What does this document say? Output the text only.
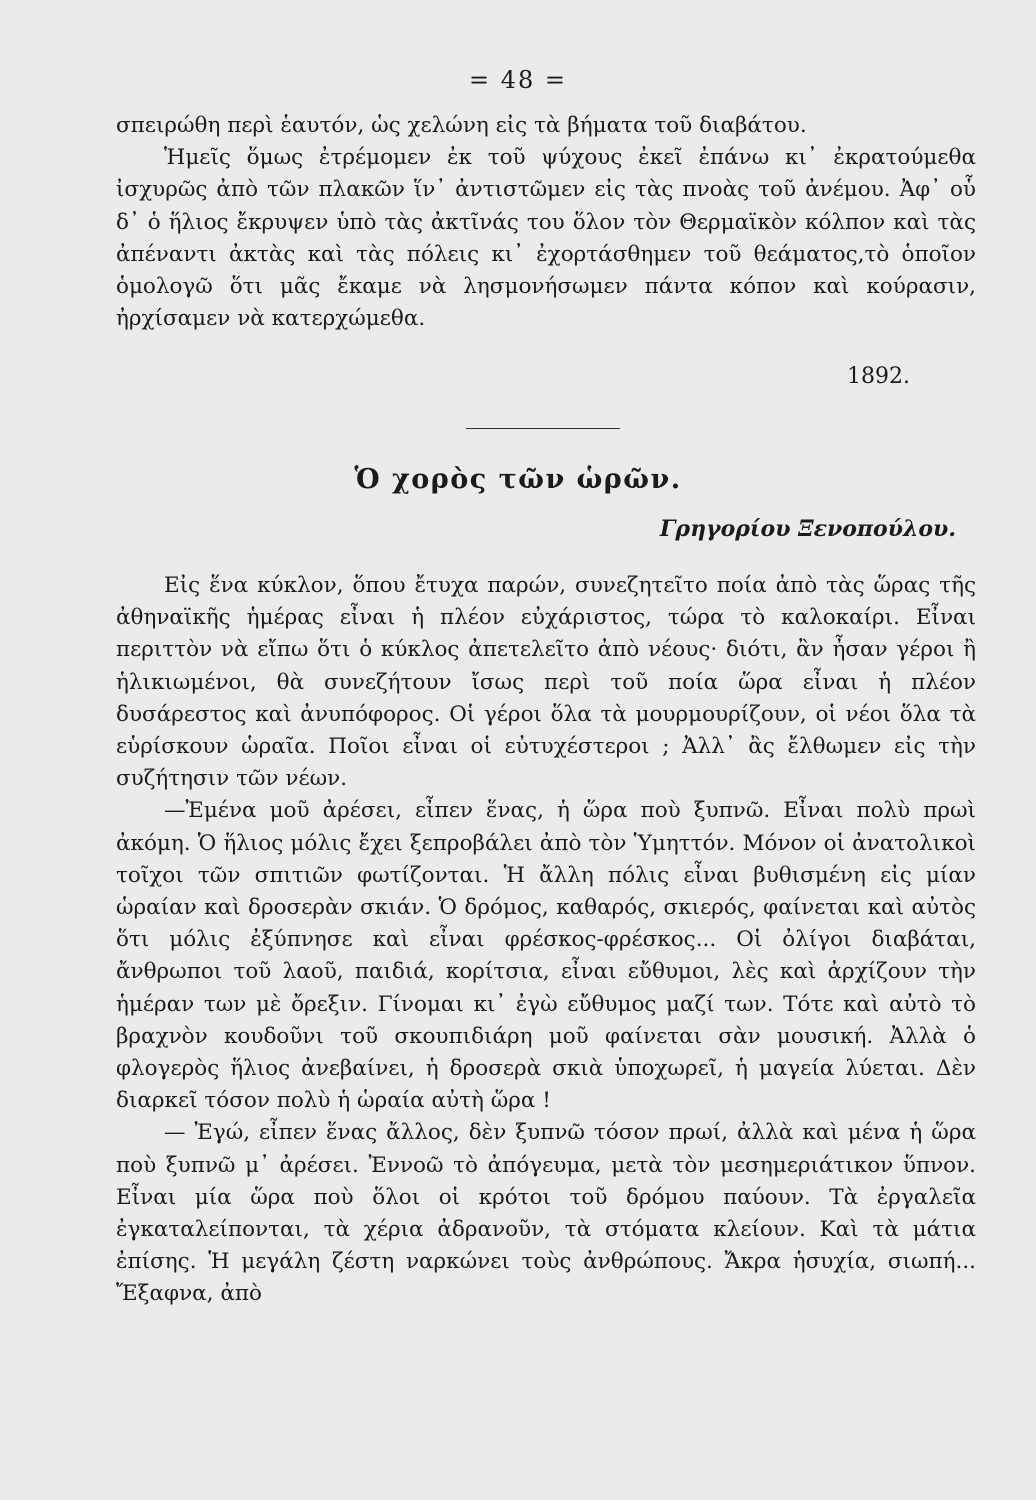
= 48 =

σπειρώθη περὶ ἑαυτόν, ὡς χελώνη εἰς τὰ βήματα τοῦ διαβάτου.

Ἡμεῖς ὅμως ἐτρέμομεν ἐκ τοῦ ψύχους ἐκεῖ ἐπάνω κι᾽ ἐκρατούμεθα ἰσχυρῶς ἀπὸ τῶν πλακῶν ἵν᾽ ἀντιστῶμεν εἰς τὰς πνοὰς τοῦ ἀνέμου. Ἀφ᾽ οὗ δ᾽ ὁ ἥλιος ἔκρυψεν ὑπὸ τὰς ἀκτῖνάς του ὅλον τὸν Θερμαϊκὸν κόλπον καὶ τὰς ἀπέναντι ἀκτὰς καὶ τὰς πόλεις κι᾽ ἐχορτάσθημεν τοῦ θεάματος,τὸ ὁποῖον ὁμολογῶ ὅτι μᾶς ἔκαμε νὰ λησμονήσωμεν πάντα κόπον καὶ κούρασιν, ἠρχίσαμεν νὰ κατερχώμεθα.

1892.
Ὁ χορὸς τῶν ὡρῶν.
Γρηγορίου Ξενοπούλου.

Εἰς ἕνα κύκλον, ὅπου ἔτυχα παρών, συνεζητεῖτο ποία ἀπὸ τὰς ὥρας τῆς ἀθηναϊκῆς ἡμέρας εἶναι ἡ πλέον εὐχάριστος, τώρα τὸ καλοκαίρι. Εἶναι περιττὸν νὰ εἴπω ὅτι ὁ κύκλος ἀπετελεῖτο ἀπὸ νέους· διότι, ἂν ἦσαν γέροι ἢ ἡλικιωμένοι, θὰ συνεζήτουν ἴσως περὶ τοῦ ποία ὥρα εἶναι ἡ πλέον δυσάρεστος καὶ ἀνυπόφορος. Οἱ γέροι ὅλα τὰ μουρμουρίζουν, οἱ νέοι ὅλα τὰ εὑρίσκουν ὡραῖα. Ποῖοι εἶναι οἱ εὐτυχέστεροι ; Ἀλλ᾽ ἂς ἔλθωμεν εἰς τὴν συζήτησιν τῶν νέων.

—Ἐμένα μοῦ ἀρέσει, εἶπεν ἕνας, ἡ ὥρα ποὺ ξυπνῶ. Εἶναι πολὺ πρωὶ ἀκόμη. Ὁ ἥλιος μόλις ἔχει ξεπροβάλει ἀπὸ τὸν Ὑμηττόν. Μόνον οἱ ἀνατολικοὶ τοῖχοι τῶν σπιτιῶν φωτίζονται. Ἡ ἄλλη πόλις εἶναι βυθισμένη εἰς μίαν ὡραίαν καὶ δροσερὰν σκιάν. Ὁ δρόμος, καθαρός, σκιερός, φαίνεται καὶ αὐτὸς ὅτι μόλις ἐξύπνησε καὶ εἶναι φρέσκος-φρέσκος... Οἱ ὀλίγοι διαβάται, ἄνθρωποι τοῦ λαοῦ, παιδιά, κορίτσια, εἶναι εὔθυμοι, λὲς καὶ ἀρχίζουν τὴν ἡμέραν των μὲ ὄρεξιν. Γίνομαι κι᾽ ἐγὼ εὔθυμος μαζί των. Τότε καὶ αὐτὸ τὸ βραχνὸν κουδοῦνι τοῦ σκουπιδιάρη μοῦ φαίνεται σὰν μουσική. Ἀλλὰ ὁ φλογερὸς ἥλιος ἀνεβαίνει, ἡ δροσερὰ σκιὰ ὑποχωρεῖ, ἡ μαγεία λύεται. Δὲν διαρκεῖ τόσον πολὺ ἡ ὡραία αὐτὴ ὥρα !

— Ἐγώ, εἶπεν ἕνας ἄλλος, δὲν ξυπνῶ τόσον πρωί, ἀλλὰ καὶ μένα ἡ ὥρα ποὺ ξυπνῶ μ᾽ ἀρέσει. Ἐννοῶ τὸ ἀπόγευμα, μετὰ τὸν μεσημεριάτικον ὕπνον. Εἶναι μία ὥρα ποὺ ὅλοι οἱ κρότοι τοῦ δρόμου παύουν. Τὰ ἐργαλεῖα ἐγκαταλείπονται, τὰ χέρια ἀδρανοῦν, τὰ στόματα κλείουν. Καὶ τὰ μάτια ἐπίσης. Ἡ μεγάλη ζέστη ναρκώνει τοὺς ἀνθρώπους. Ἄκρα ἡσυχία, σιωπή... Ἔξαφνα, ἀπὸ
